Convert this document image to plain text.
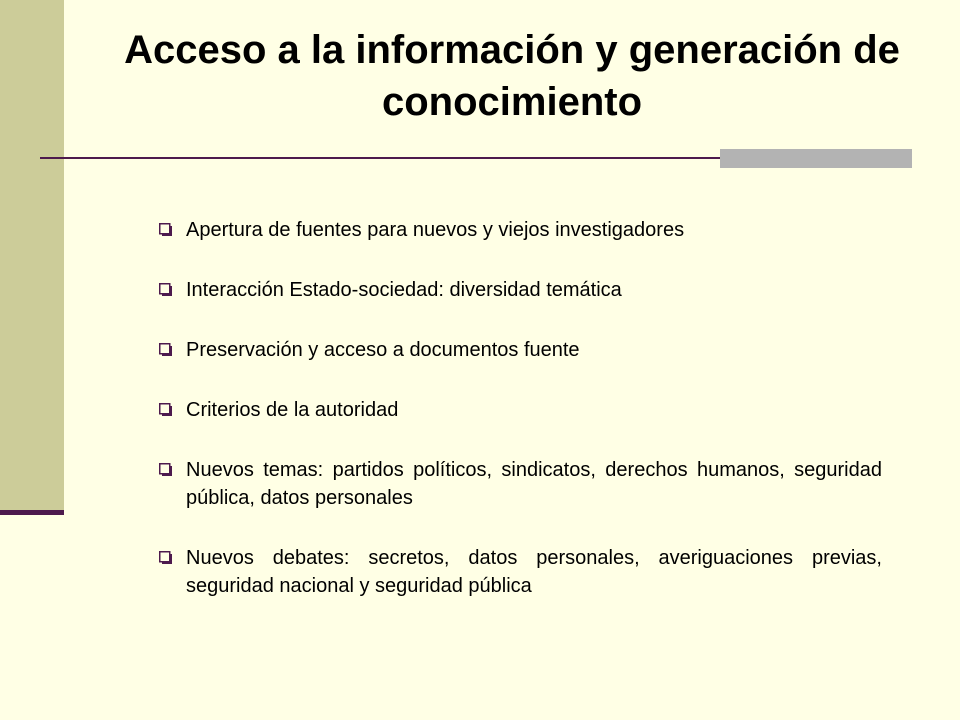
Acceso a la información y generación de conocimiento
Apertura de fuentes para nuevos y viejos investigadores
Interacción Estado-sociedad: diversidad temática
Preservación y acceso a documentos fuente
Criterios de la autoridad
Nuevos temas: partidos políticos, sindicatos, derechos humanos, seguridad pública, datos personales
Nuevos debates: secretos, datos personales, averiguaciones previas, seguridad nacional y seguridad pública
